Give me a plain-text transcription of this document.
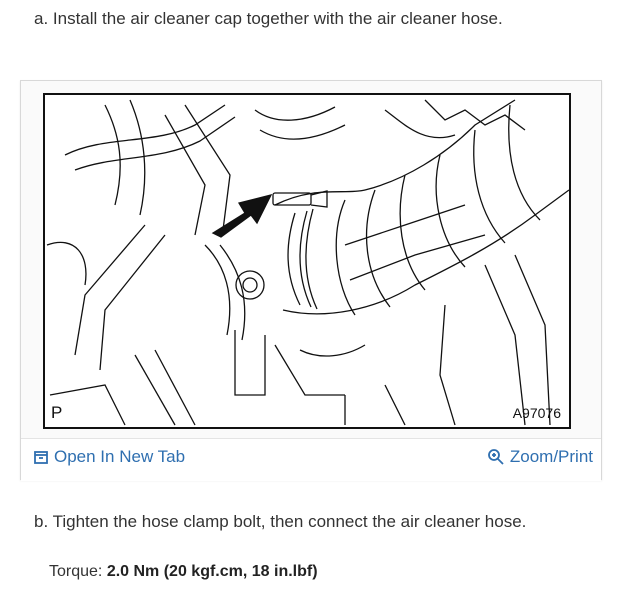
a. Install the air cleaner cap together with the air cleaner hose.
P	A97076
Open In New Tab	Zoom/Print
b. Tighten the hose clamp bolt, then connect the air cleaner hose.
Torque: 2.0 Nm (20 kgf.cm, 18 in.lbf)
